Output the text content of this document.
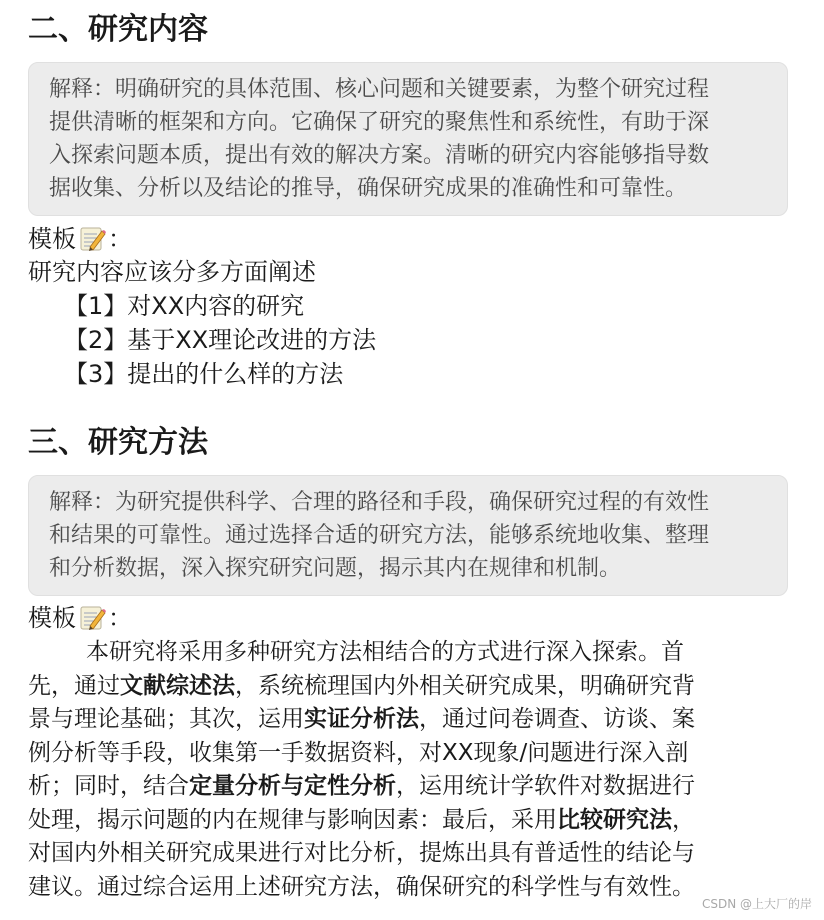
二、研究内容
解释：明确研究的具体范围、核心问题和关键要素，为整个研究过程
提供清晰的框架和方向。它确保了研究的聚焦性和系统性，有助于深
入探索问题本质，提出有效的解决方案。清晰的研究内容能够指导数
据收集、分析以及结论的推导，确保研究成果的准确性和可靠性。
模板 ：
研究内容应该分多方面阐述
【1】对XX内容的研究
【2】基于XX理论改进的方法
【3】提出的什么样的方法
三、研究方法
解释：为研究提供科学、合理的路径和手段，确保研究过程的有效性
和结果的可靠性。通过选择合适的研究方法，能够系统地收集、整理
和分析数据，深入探究研究问题，揭示其内在规律和机制。
模板 ：
本研究将采用多种研究方法相结合的方式进行深入探索。首
先，通过文献综述法，系统梳理国内外相关研究成果，明确研究背
景与理论基础；其次，运用实证分析法，通过问卷调查、访谈、案
例分析等手段，收集第一手数据资料，对XX现象/问题进行深入剖
析；同时，结合定量分析与定性分析，运用统计学软件对数据进行
处理，揭示问题的内在规律与影响因素：最后，采用比较研究法，
对国内外相关研究成果进行对比分析，提炼出具有普适性的结论与
建议。通过综合运用上述研究方法，确保研究的科学性与有效性。
CSDN @上大厂的岸
